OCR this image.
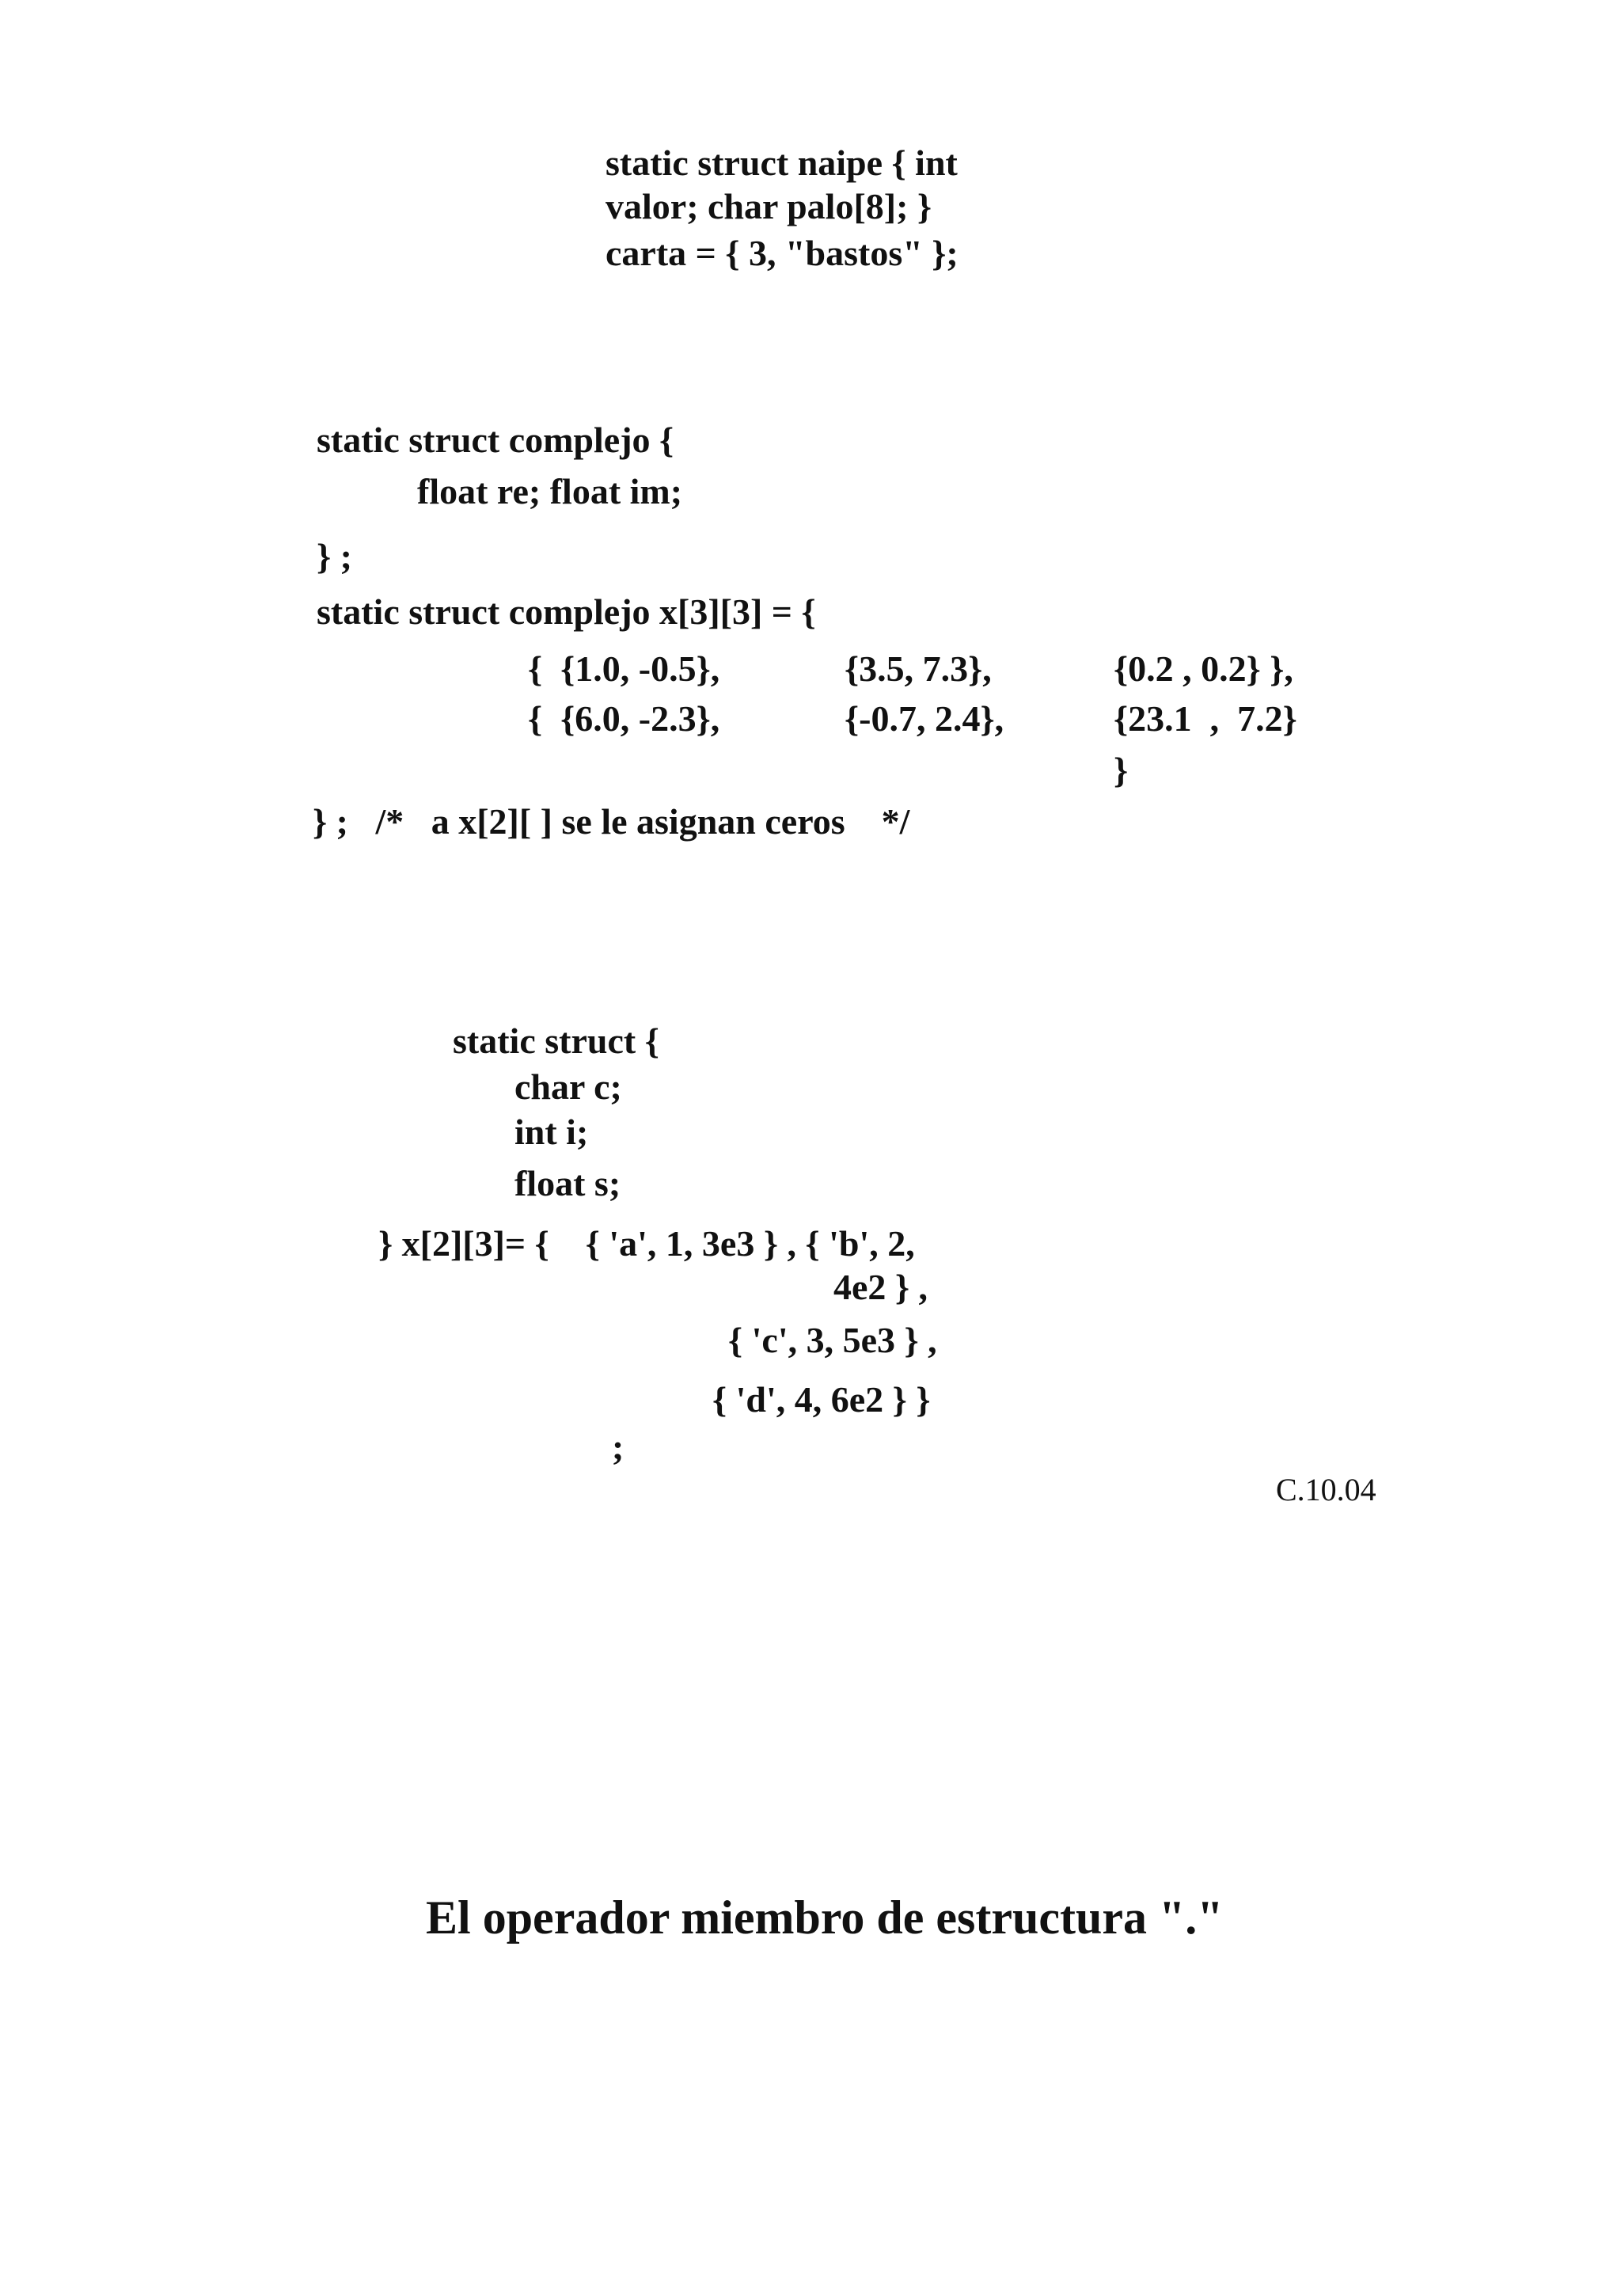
static struct naipe { int

valor; char palo[8]; }

carta = { 3, "bastos" };

static struct complejo {

float re; float im;

} ;

static struct complejo x[3][3] = {

{  {1.0, -0.5},	{3.5, 7.3},	{0.2 , 0.2} },

{  {6.0, -2.3},	{-0.7, 2.4},	{23.1  ,  7.2}

}

} ;   /*   a x[2][ ] se le asignan ceros    */

static struct {

char c;

int i;

float s;

} x[2][3]= {    { 'a', 1, 3e3 } , { 'b', 2,

4e2 } ,

{ 'c', 3, 5e3 } ,

{ 'd', 4, 6e2 } }

;

C.10.04
El operador miembro de estructura "."
